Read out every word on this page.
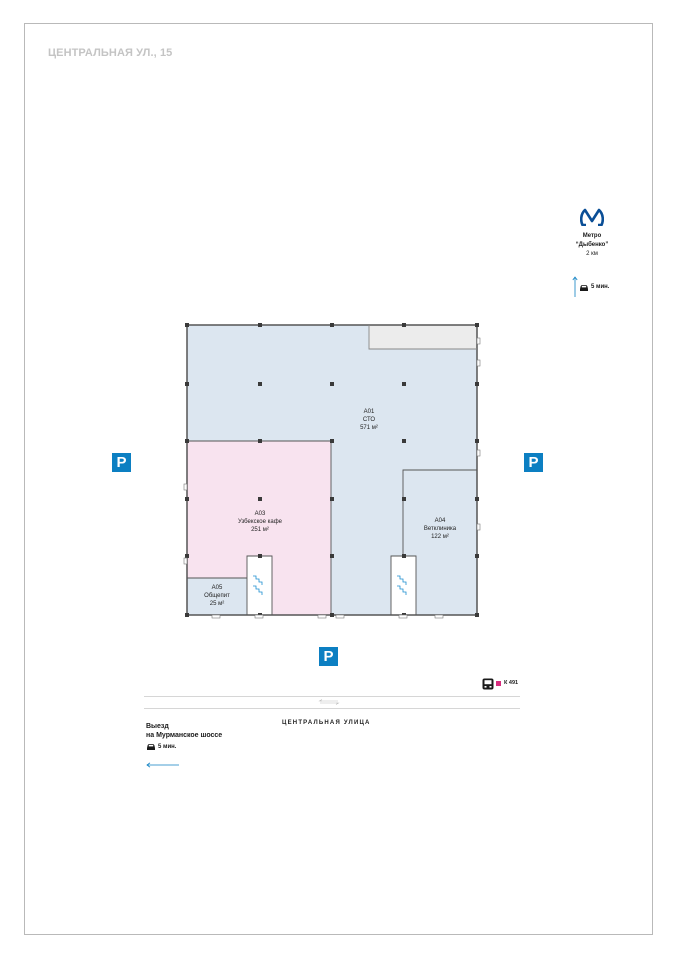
ЦЕНТРАЛЬНАЯ УЛ., 15
Метро
“Дыбенко”
2 км
5 мин.
P	P
P
A01
СТО
571 м²
A03
Узбекское кафе
251 м²
A04
Ветклиника
122 м²
A05
Общепит
25 м²
К 491
ЦЕНТРАЛЬНАЯ УЛИЦА
Выезд
на Мурманское шоссе
5 мин.
